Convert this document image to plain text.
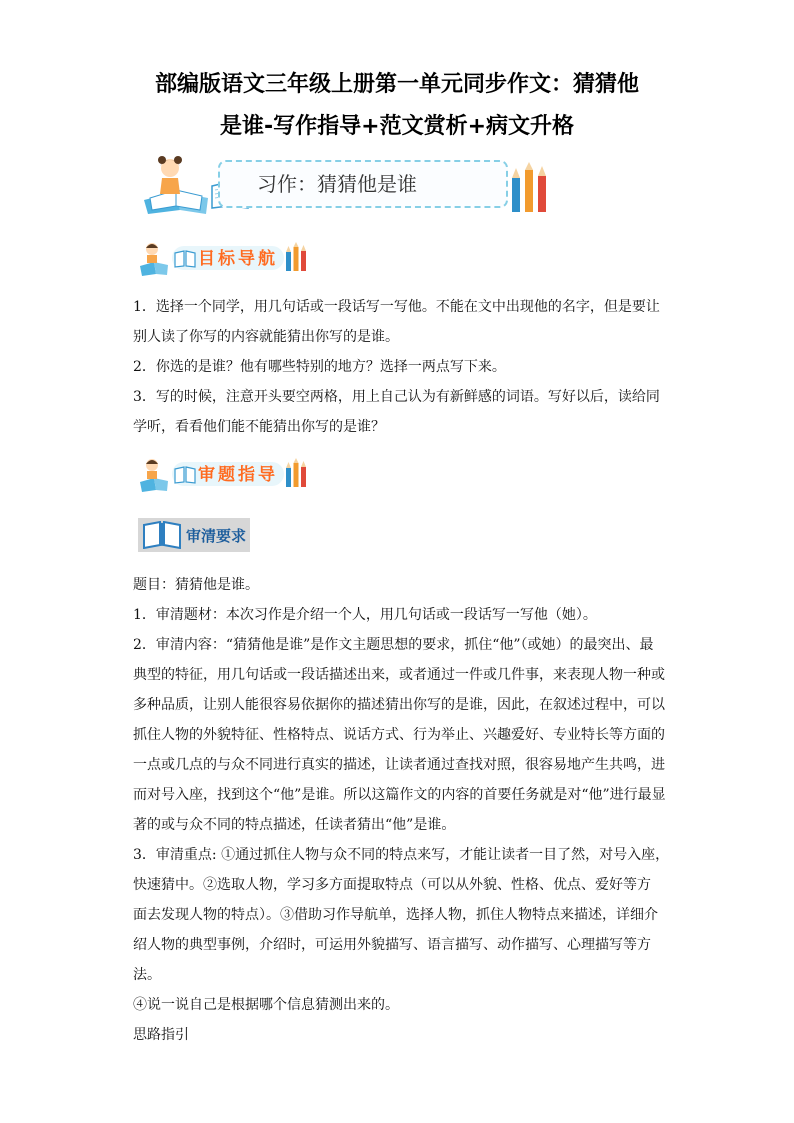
部编版语文三年级上册第一单元同步作文：猜猜他
是谁-写作指导+范文赏析+病文升格
习作：猜猜他是谁
目标导航
1．选择一个同学，用几句话或一段话写一写他。不能在文中出现他的名字，但是要让
别人读了你写的内容就能猜出你写的是谁。
2．你选的是谁？他有哪些特别的地方？选择一两点写下来。
3．写的时候，注意开头要空两格，用上自己认为有新鲜感的词语。写好以后，读给同
学听，看看他们能不能猜出你写的是谁？
审题指导
审清要求
题目：猜猜他是谁。
1．审清题材：本次习作是介绍一个人，用几句话或一段话写一写他（她）。
2．审清内容：“猜猜他是谁”是作文主题思想的要求，抓住“他”（或她）的最突出、最
典型的特征，用几句话或一段话描述出来，或者通过一件或几件事，来表现人物一种或
多种品质，让别人能很容易依据你的描述猜出你写的是谁，因此，在叙述过程中，可以
抓住人物的外貌特征、性格特点、说话方式、行为举止、兴趣爱好、专业特长等方面的
一点或几点的与众不同进行真实的描述，让读者通过查找对照，很容易地产生共鸣，进
而对号入座，找到这个“他”是谁。所以这篇作文的内容的首要任务就是对“他”进行最显
著的或与众不同的特点描述，任读者猜出“他”是谁。
3．审清重点: ①通过抓住人物与众不同的特点来写，才能让读者一目了然，对号入座，
快速猜中。②选取人物，学习多方面提取特点（可以从外貌、性格、优点、爱好等方
面去发现人物的特点）。③借助习作导航单，选择人物，抓住人物特点来描述，详细介
绍人物的典型事例，介绍时，可运用外貌描写、语言描写、动作描写、心理描写等方法。
④说一说自己是根据哪个信息猜测出来的。
思路指引
